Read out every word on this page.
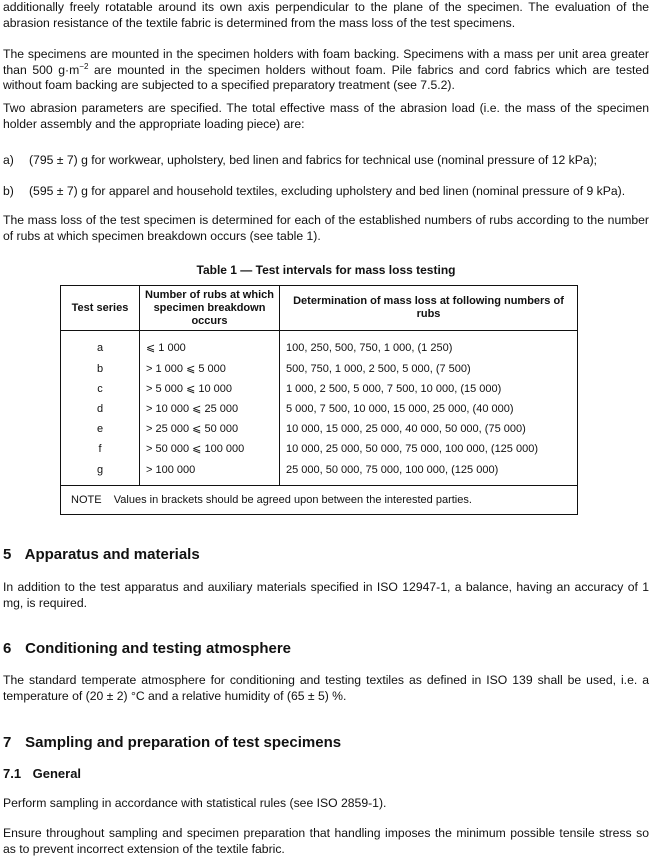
additionally freely rotatable around its own axis perpendicular to the plane of the specimen. The evaluation of the abrasion resistance of the textile fabric is determined from the mass loss of the test specimens.

The specimens are mounted in the specimen holders with foam backing. Specimens with a mass per unit area greater than 500 $g\cdot m^{-2}$ are mounted in the specimen holders without foam. Pile fabrics and cord fabrics which are tested without foam backing are subjected to a specified preparatory treatment (see 7.5.2).

Two abrasion parameters are specified. The total effective mass of the abrasion load (i.e. the mass of the specimen holder assembly and the appropriate loading piece) are:

a)	(795 ± 7) g for workwear, upholstery, bed linen and fabrics for technical use (nominal pressure of 12 kPa);
b)	(595 ± 7) g for apparel and household textiles, excluding upholstery and bed linen (nominal pressure of 9 kPa).

The mass loss of the test specimen is determined for each of the established numbers of rubs according to the number of rubs at which specimen breakdown occurs (see table 1).

Table 1 — Test intervals for mass loss testing
Test series	Number of rubs at which specimen breakdown occurs	Determination of mass loss at following numbers of rubs
a	⩽ 1 000	100, 250, 500, 750, 1 000, (1 250)
b	> 1 000 ⩽ 5 000	500, 750, 1 000, 2 500, 5 000, (7 500)
c	> 5 000 ⩽ 10 000	1 000, 2 500, 5 000, 7 500, 10 000, (15 000)
d	> 10 000 ⩽ 25 000	5 000, 7 500, 10 000, 15 000, 25 000, (40 000)
e	> 25 000 ⩽ 50 000	10 000, 15 000, 25 000, 40 000, 50 000, (75 000)
f	> 50 000 ⩽ 100 000	10 000, 25 000, 50 000, 75 000, 100 000, (125 000)
g	> 100 000	25 000, 50 000, 75 000, 100 000, (125 000)
NOTE    Values in brackets should be agreed upon between the interested parties.		
5 Apparatus and materials

In addition to the test apparatus and auxiliary materials specified in ISO 12947-1, a balance, having an accuracy of 1 mg, is required.

6 Conditioning and testing atmosphere

The standard temperate atmosphere for conditioning and testing textiles as defined in ISO 139 shall be used, i.e. a temperature of (20 ± 2) °C and a relative humidity of (65 ± 5) %.

7 Sampling and preparation of test specimens
7.1 General

Perform sampling in accordance with statistical rules (see ISO 2859-1).

Ensure throughout sampling and specimen preparation that handling imposes the minimum possible tensile stress so as to prevent incorrect extension of the textile fabric.
